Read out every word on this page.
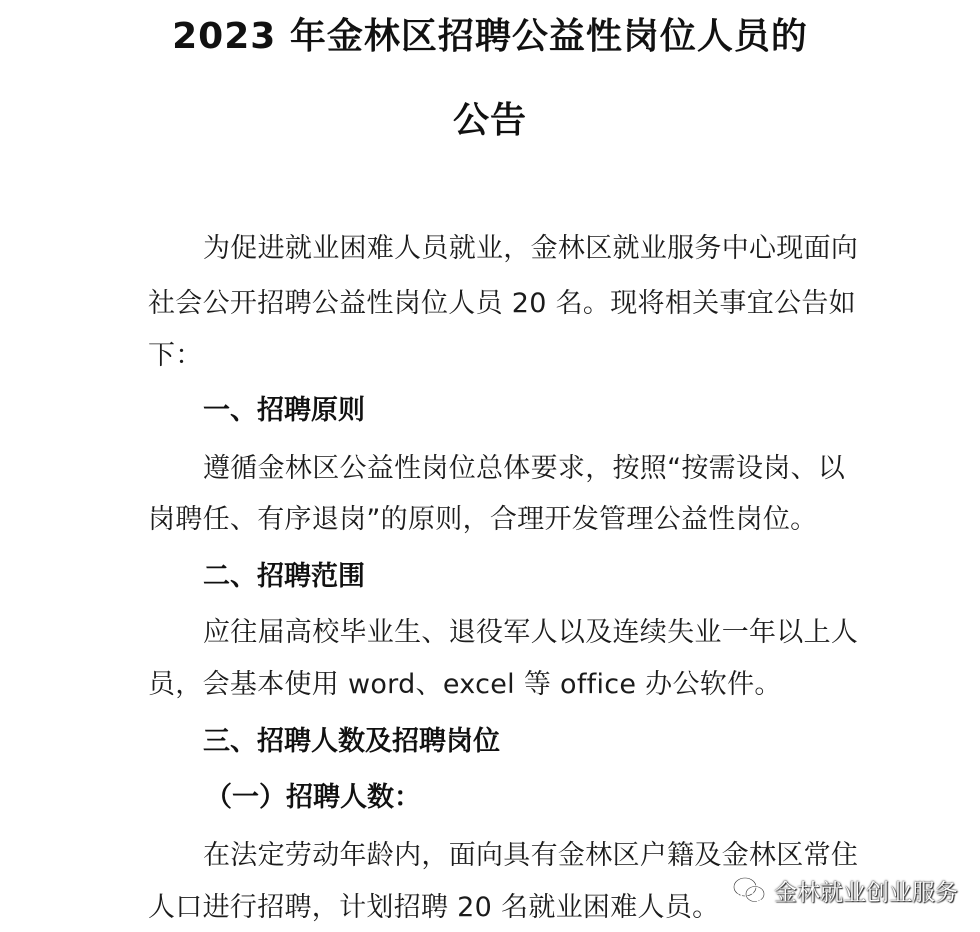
2023 年金林区招聘公益性岗位人员的
公告
为促进就业困难人员就业，金林区就业服务中心现面向
社会公开招聘公益性岗位人员 20 名。现将相关事宜公告如
下：
一、招聘原则
遵循金林区公益性岗位总体要求，按照“按需设岗、以
岗聘任、有序退岗”的原则，合理开发管理公益性岗位。
二、招聘范围
应往届高校毕业生、退役军人以及连续失业一年以上人
员，会基本使用 word、excel 等 office 办公软件。
三、招聘人数及招聘岗位
（一）招聘人数：
在法定劳动年龄内，面向具有金林区户籍及金林区常住
人口进行招聘，计划招聘 20 名就业困难人员。 金林就业创业服务
